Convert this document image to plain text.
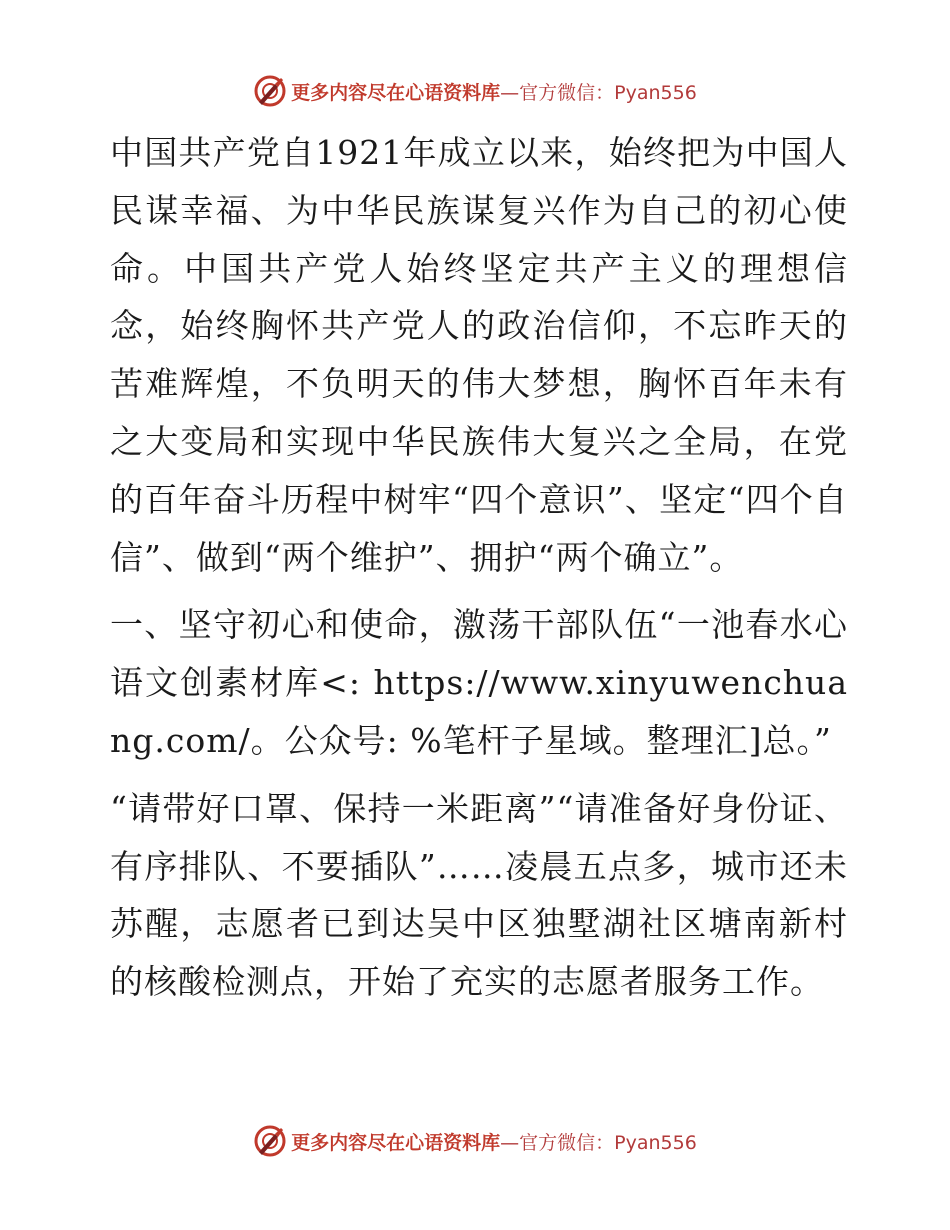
更多内容尽在心语资料库 —官方微信：Pyan556

中国共产党自1921年成立以来，始终把为中国人民谋幸福、为中华民族谋复兴作为自己的初心使命。中国共产党人始终坚定共产主义的理想信念，始终胸怀共产党人的政治信仰，不忘昨天的苦难辉煌，不负明天的伟大梦想，胸怀百年未有之大变局和实现中华民族伟大复兴之全局，在党的百年奋斗历程中树牢“四个意识”、坚定“四个自信”、做到“两个维护”、拥护“两个确立”。

一、坚守初心和使命，激荡干部队伍“一池春水心语文创素材库<: https://www.xinyuwenchuang.com/。公众号: %笔杆子星域。整理汇]总。”

“请带好口罩、保持一米距离”“请准备好身份证、有序排队、不要插队”……凌晨五点多，城市还未苏醒，志愿者已到达吴中区独墅湖社区塘南新村的核酸检测点，开始了充实的志愿者服务工作。

更多内容尽在心语资料库 —官方微信：Pyan556
